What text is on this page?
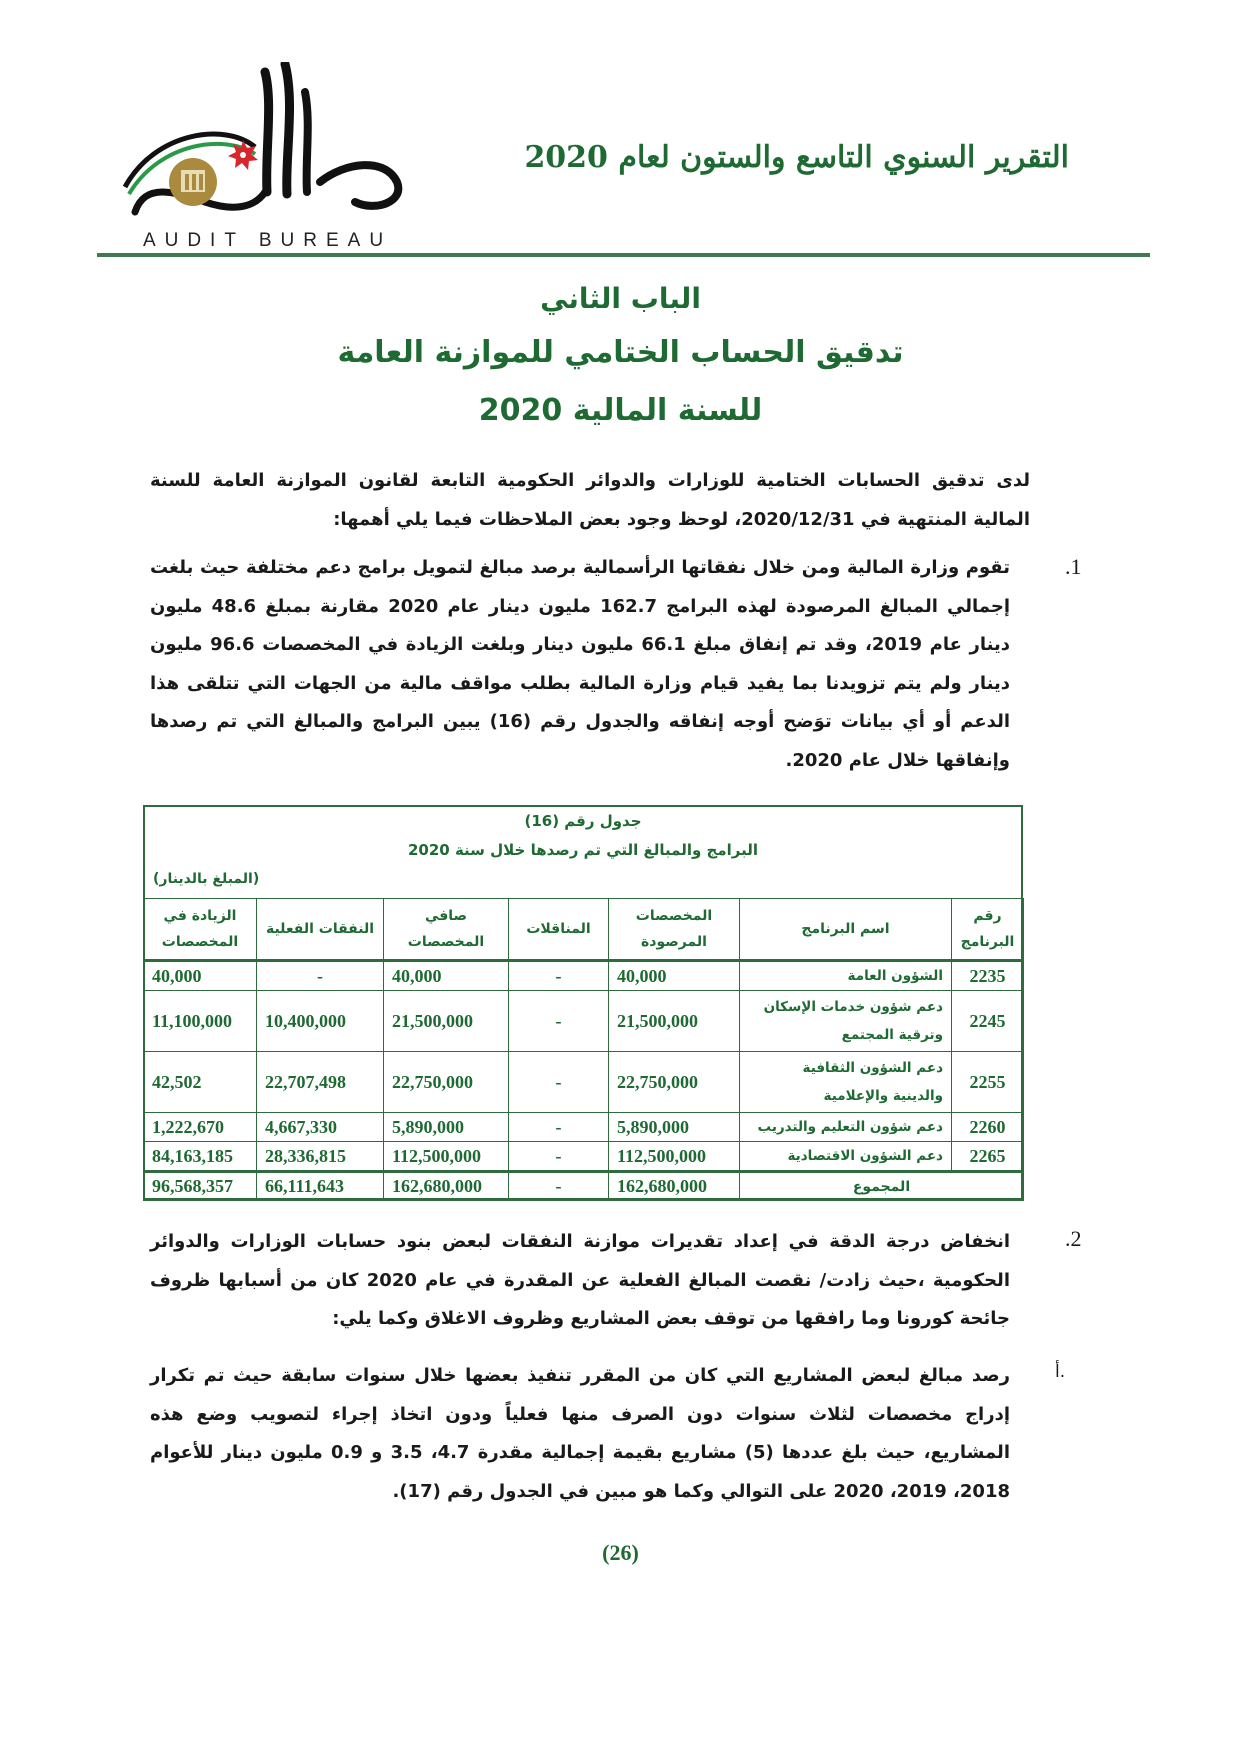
AUDIT BUREAU
التقرير السنوي التاسع والستون لعام 2020
الباب الثاني
تدقيق الحساب الختامي للموازنة العامة
للسنة المالية 2020
لدى تدقيق الحسابات الختامية للوزارات والدوائر الحكومية التابعة لقانون الموازنة العامة للسنة المالية المنتهية في 2020/12/31، لوحظ وجود بعض الملاحظات فيما يلي أهمها:
.1
تقوم وزارة المالية ومن خلال نفقاتها الرأسمالية برصد مبالغ لتمويل برامج دعم مختلفة حيث بلغت إجمالي المبالغ المرصودة لهذه البرامج 162.7 مليون دينار عام 2020 مقارنة بمبلغ 48.6 مليون دينار عام 2019، وقد تم إنفاق مبلغ 66.1 مليون دينار وبلغت الزيادة في المخصصات 96.6 مليون دينار ولم يتم تزويدنا بما يفيد قيام وزارة المالية بطلب مواقف مالية من الجهات التي تتلقى هذا الدعم أو أي بيانات توَضح أوجه إنفاقه والجدول رقم (16) يبين البرامج والمبالغ التي تم رصدها وإنفاقها خلال عام 2020.
جدول رقم (16)
البرامج والمبالغ التي تم رصدها خلال سنة 2020
(المبلغ بالدينار)
رقم البرنامج	اسم البرنامج	المخصصات المرصودة	المناقلات	صافي المخصصات	النفقات الفعلية	الزيادة في المخصصات
2235	الشؤون العامة	40,000	-	40,000	-	40,000
2245	دعم شؤون خدمات الإسكان وترقية المجتمع	21,500,000	-	21,500,000	10,400,000	11,100,000
2255	دعم الشؤون الثقافية والدينية والإعلامية	22,750,000	-	22,750,000	22,707,498	42,502
2260	دعم شؤون التعليم والتدريب	5,890,000	-	5,890,000	4,667,330	1,222,670
2265	دعم الشؤون الاقتصادية	112,500,000	-	112,500,000	28,336,815	84,163,185
المجموع		162,680,000	-	162,680,000	66,111,643	96,568,357
.2
انخفاض درجة الدقة في إعداد تقديرات موازنة النفقات لبعض بنود حسابات الوزارات والدوائر الحكومية ،حيث زادت/ نقصت المبالغ الفعلية عن المقدرة في عام 2020 كان من أسبابها ظروف جائحة كورونا وما رافقها من توقف بعض المشاريع وظروف الاغلاق وكما يلي:
أ.
رصد مبالغ لبعض المشاريع التي كان من المقرر تنفيذ بعضها خلال سنوات سابقة حيث تم تكرار إدراج مخصصات لثلاث سنوات دون الصرف منها فعلياً ودون اتخاذ إجراء لتصويب وضع هذه المشاريع، حيث بلغ عددها (5) مشاريع بقيمة إجمالية مقدرة 4.7، 3.5 و 0.9 مليون دينار للأعوام 2018، 2019، 2020 على التوالي وكما هو مبين في الجدول رقم (17).
(26)
